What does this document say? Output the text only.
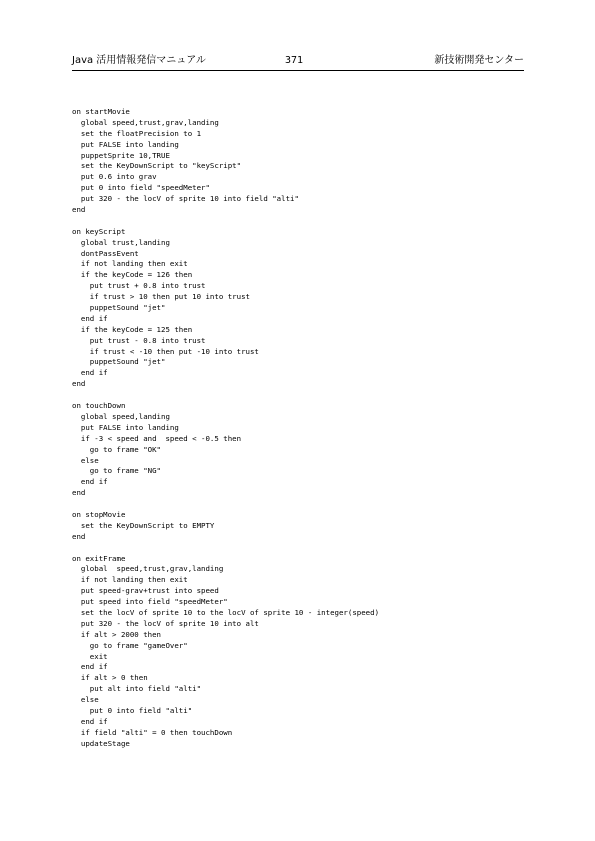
Java 活用情報発信マニュアル	371	新技術開発センター
on startMovie
global speed,trust,grav,landing
set the floatPrecision to 1
put FALSE into landing
puppetSprite 10,TRUE
set the KeyDownScript to "keyScript"
put 0.6 into grav
put 0 into field "speedMeter"
put 320 - the locV of sprite 10 into field "alti"
end
on keyScript
global trust,landing
dontPassEvent
if not landing then exit
if the keyCode = 126 then
put trust + 0.8 into trust
if trust > 10 then put 10 into trust
puppetSound "jet"
end if
if the keyCode = 125 then
put trust - 0.8 into trust
if trust < -10 then put -10 into trust
puppetSound "jet"
end if
end
on touchDown
global speed,landing
put FALSE into landing
if -3 < speed and  speed < -0.5 then
go to frame "OK"
else
go to frame "NG"
end if
end
on stopMovie
set the KeyDownScript to EMPTY
end
on exitFrame
global  speed,trust,grav,landing
if not landing then exit
put speed-grav+trust into speed
put speed into field "speedMeter"
set the locV of sprite 10 to the locV of sprite 10 - integer(speed)
put 320 - the locV of sprite 10 into alt
if alt > 2000 then
go to frame "gameOver"
exit
end if
if alt > 0 then
put alt into field "alti"
else
put 0 into field "alti"
end if
if field "alti" = 0 then touchDown
updateStage
